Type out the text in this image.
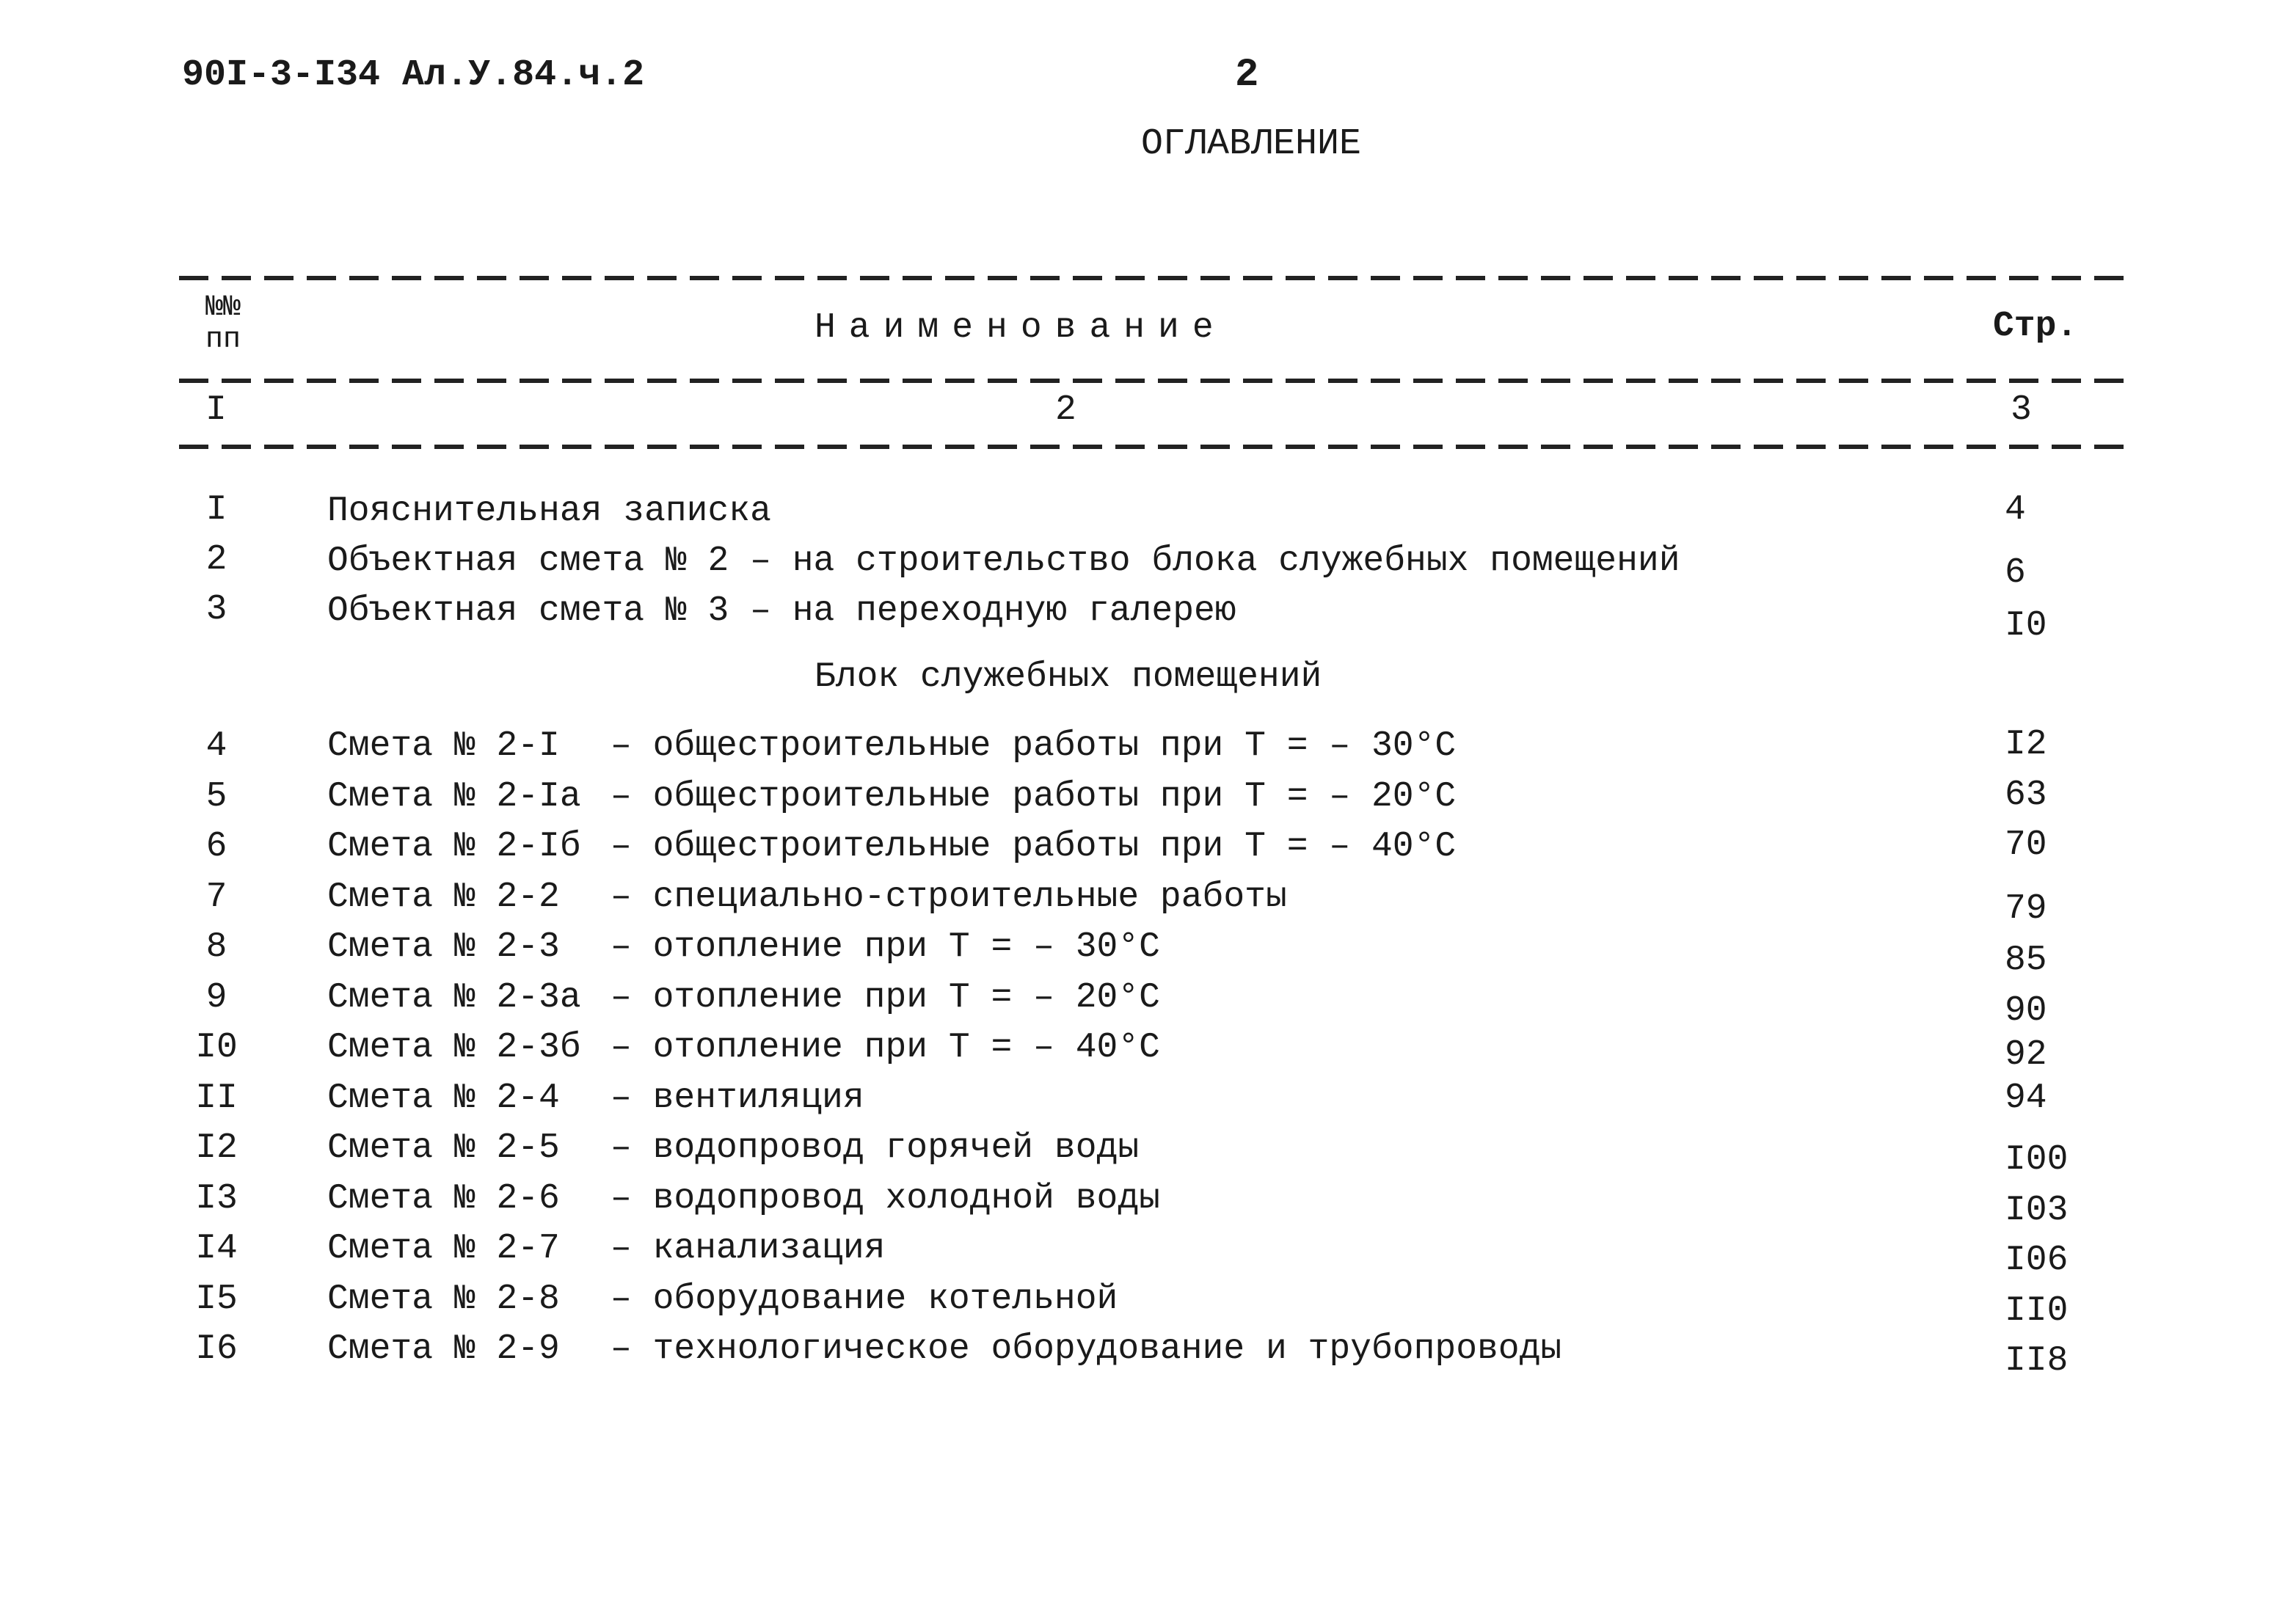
90I-3-I34 Ал.У.84.ч.2	2
ОГЛАВЛЕНИЕ
№№
пп	Наименование	Стр.
I	2	3
I	Пояснительная записка	4
2	Объектная смета № 2 – на строительство блока служебных помещений	6
3	Объектная смета № 3 – на переходную галерею	I0
Блок служебных помещений
4	Смета № 2-I – общестроительные работы при Т = – 30°С	I2
5	Смета № 2-Iа – общестроительные работы при Т = – 20°С	63
6	Смета № 2-Iб – общестроительные работы при Т = – 40°С	70
7	Смета № 2-2 – специально-строительные работы	79
8	Смета № 2-3 – отопление при Т = – 30°С	85
9	Смета № 2-3а – отопление при Т = – 20°С	90
I0	Смета № 2-3б – отопление при Т = – 40°С	92
II	Смета № 2-4 – вентиляция	94
I2	Смета № 2-5 – водопровод горячей воды	I00
I3	Смета № 2-6 – водопровод холодной воды	I03
I4	Смета № 2-7 – канализация	I06
I5	Смета № 2-8 – оборудование котельной	II0
I6	Смета № 2-9 – технологическое оборудование и трубопроводы	II8
